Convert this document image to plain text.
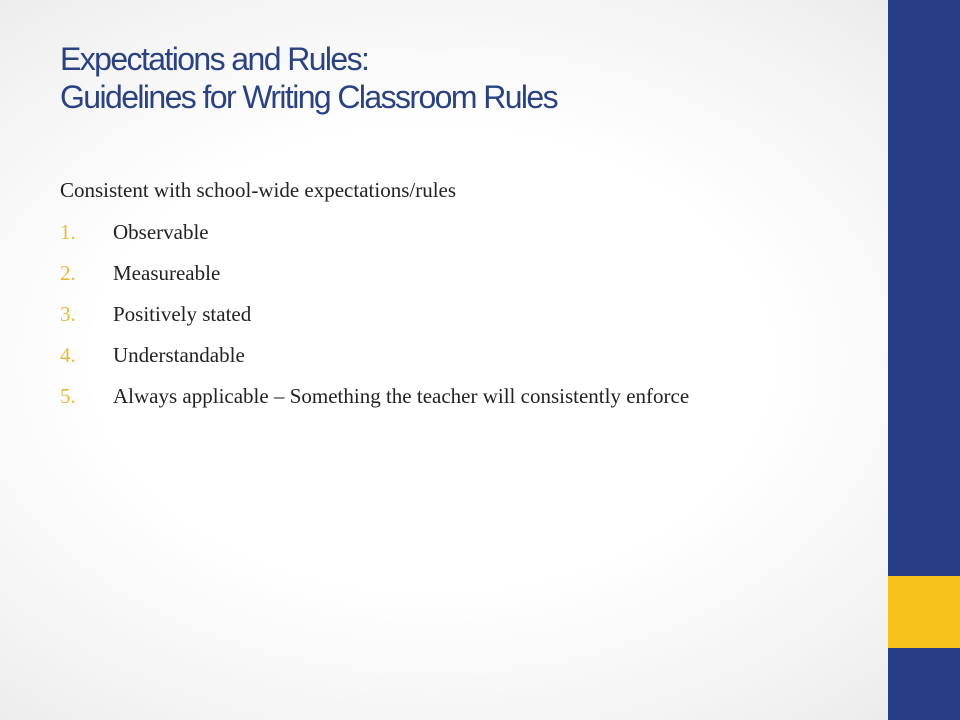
Expectations and Rules:
Guidelines for Writing Classroom Rules

Consistent with school-wide expectations/rules

1. Observable
2. Measureable
3. Positively stated
4. Understandable
5. Always applicable – Something the teacher will consistently enforce
